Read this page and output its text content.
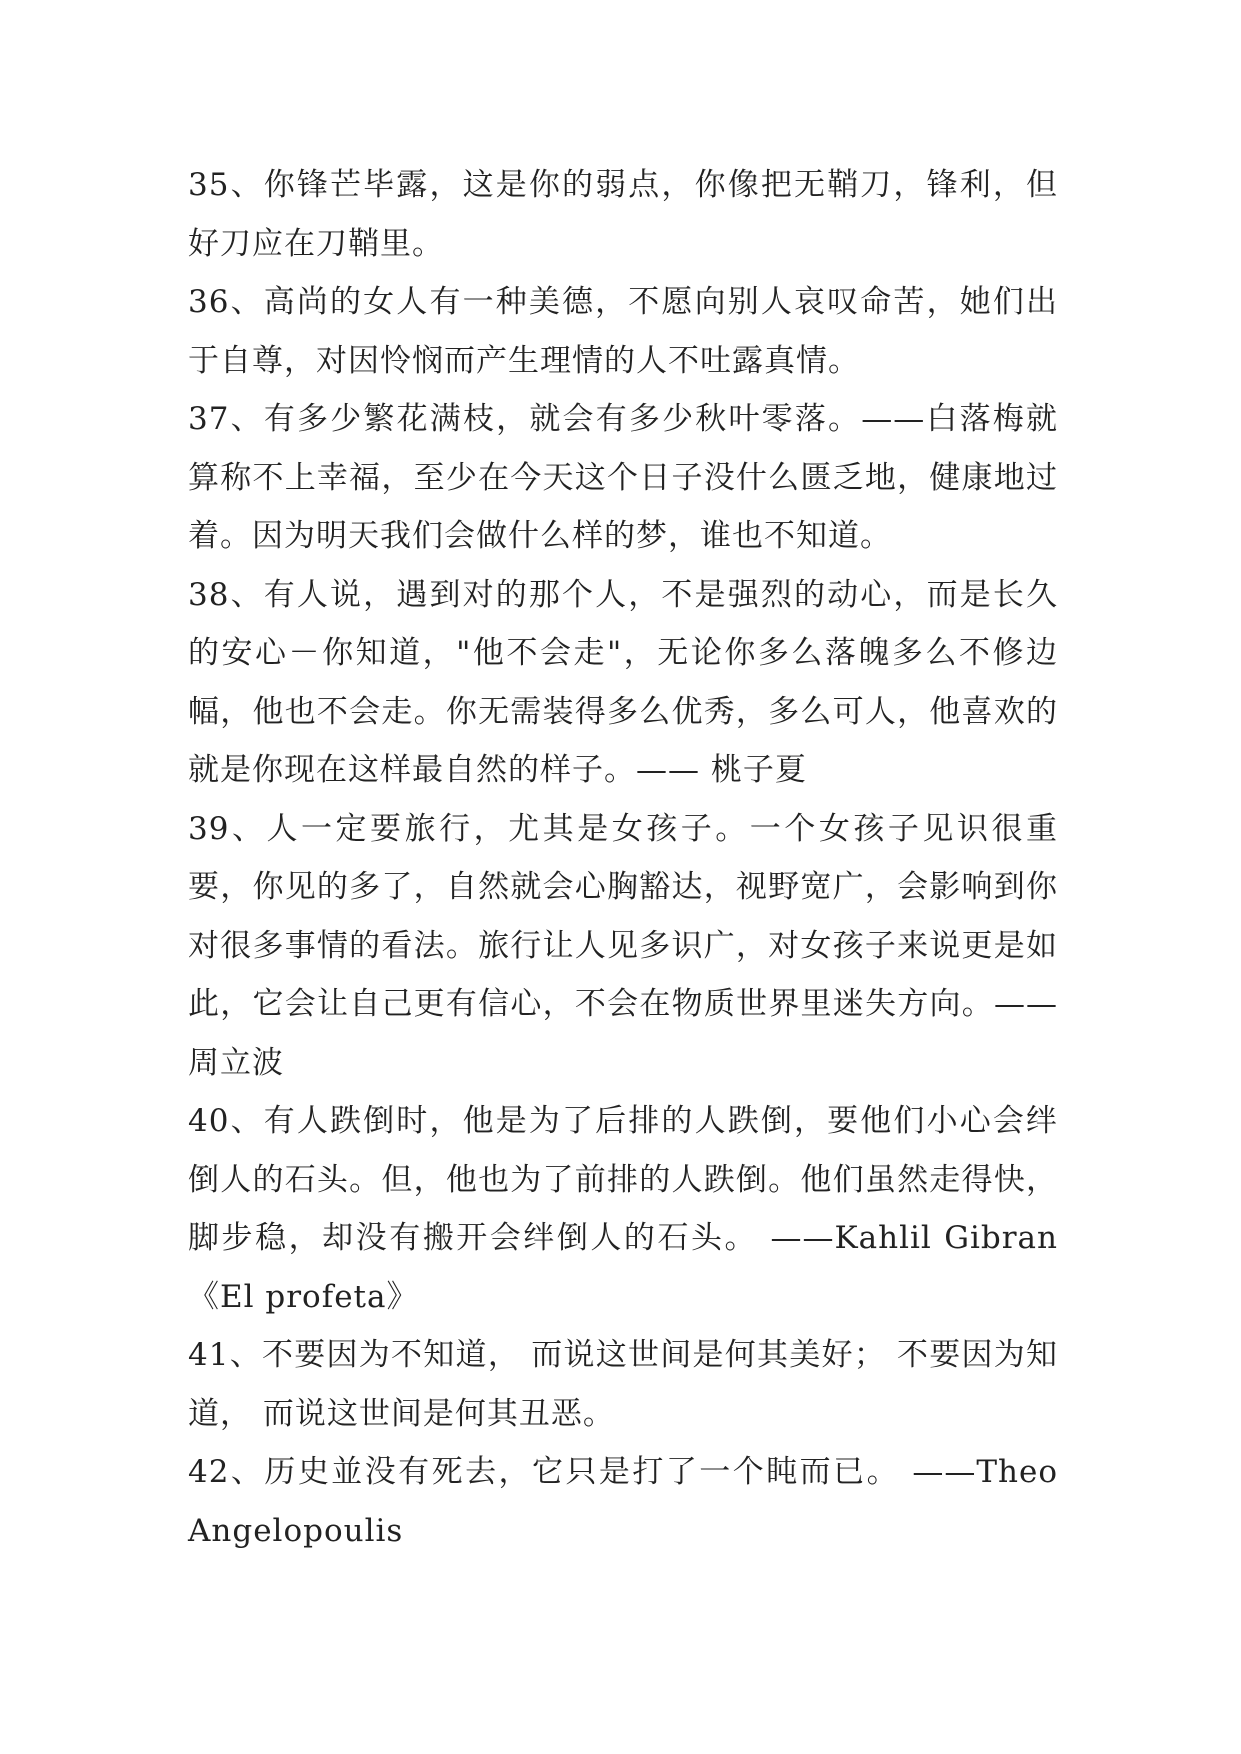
35、你锋芒毕露，这是你的弱点，你像把无鞘刀，锋利，但好刀应在刀鞘里。

36、高尚的女人有一种美德，不愿向别人哀叹命苦，她们出于自尊，对因怜悯而产生理情的人不吐露真情。

37、有多少繁花满枝，就会有多少秋叶零落。——白落梅就算称不上幸福，至少在今天这个日子没什么匮乏地，健康地过着。因为明天我们会做什么样的梦，谁也不知道。

38、有人说，遇到对的那个人，不是强烈的动心，而是长久的安心－你知道，"他不会走"，无论你多么落魄多么不修边幅，他也不会走。你无需装得多么优秀，多么可人，他喜欢的就是你现在这样最自然的样子。—— 桃子夏

39、人一定要旅行，尤其是女孩子。一个女孩子见识很重要，你见的多了，自然就会心胸豁达，视野宽广，会影响到你对很多事情的看法。旅行让人见多识广，对女孩子来说更是如此，它会让自己更有信心，不会在物质世界里迷失方向。—— 周立波

40、有人跌倒时，他是为了后排的人跌倒，要他们小心会绊倒人的石头。但，他也为了前排的人跌倒。他们虽然走得快，脚步稳，却没有搬开会绊倒人的石头。 ——Kahlil Gibran《El profeta》

41、不要因为不知道， 而说这世间是何其美好； 不要因为知道， 而说这世间是何其丑恶。

42、历史並没有死去，它只是打了一个盹而已。 ——Theo Angelopoulis
